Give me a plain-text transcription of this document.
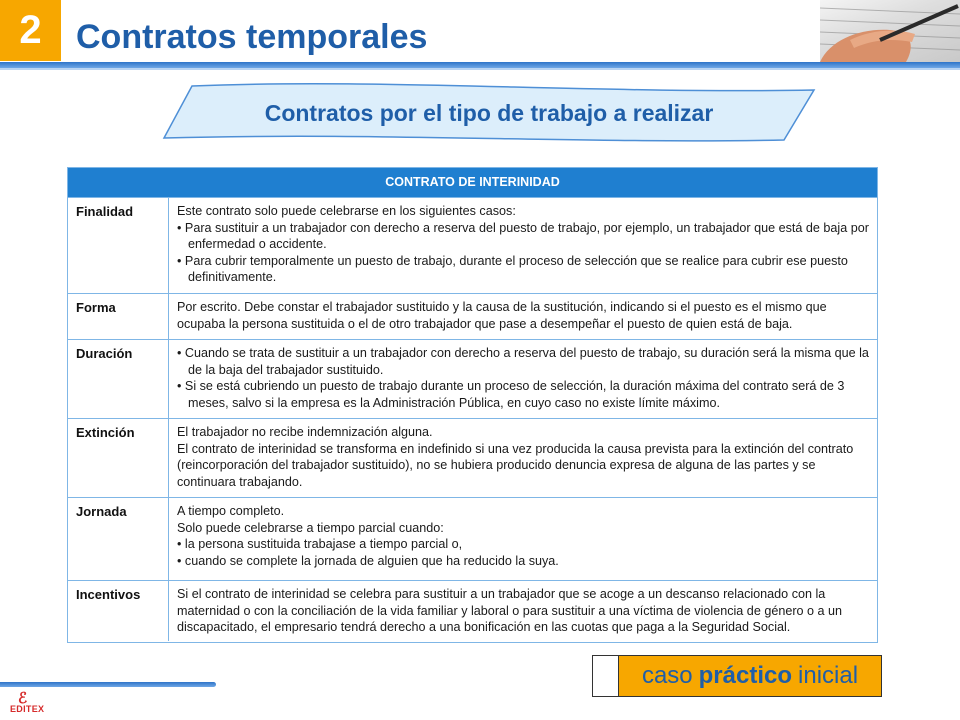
2	Contratos temporales
Contratos por el tipo de trabajo a realizar
CONTRATO DE INTERINIDAD
Finalidad	Este contrato solo puede celebrarse en los siguientes casos:

• Para sustituir a un trabajador con derecho a reserva del puesto de trabajo, por ejemplo, un trabajador que está de baja por enfermedad o accidente.

• Para cubrir temporalmente un puesto de trabajo, durante el proceso de selección que se realice para cubrir ese puesto definitivamente.

Forma	Por escrito. Debe constar el trabajador sustituido y la causa de la sustitución, indicando si el puesto es el mismo que ocupaba la persona sustituida o el de otro trabajador que pase a desempeñar el puesto de quien está de baja.

Duración

•	Cuando se trata de sustituir a un trabajador con derecho a reserva del puesto de trabajo, su duración será la misma que la de la baja del trabajador sustituido.

• Si se está cubriendo un puesto de trabajo durante un proceso de selección, la duración máxima del contrato será de 3 meses, salvo si la empresa es la Administración Pública, en cuyo caso no existe límite máximo.

Extinción	El trabajador no recibe indemnización alguna.

El contrato de interinidad se transforma en indefinido si una vez producida la causa prevista para la extinción del contrato (reincorporación del trabajador sustituido), no se hubiera producido denuncia expresa de alguna de las partes y se continuara trabajando.

Jornada	A tiempo completo.

Solo puede celebrarse a tiempo parcial cuando:

• la persona sustituida trabajase a tiempo parcial o,

• cuando se complete la jornada de alguien que ha reducido la suya.

Incentivos	Si el contrato de interinidad se celebra para sustituir a un trabajador que se acoge a un descanso relacionado con la maternidad o con la conciliación de la vida familiar y laboral o para sustituir a una víctima de violencia de género o a un discapacitado, el empresario tendrá derecho a una bonificación en las cuotas que paga a la Seguridad Social.

ℰ
EDITEX
caso práctico inicial
